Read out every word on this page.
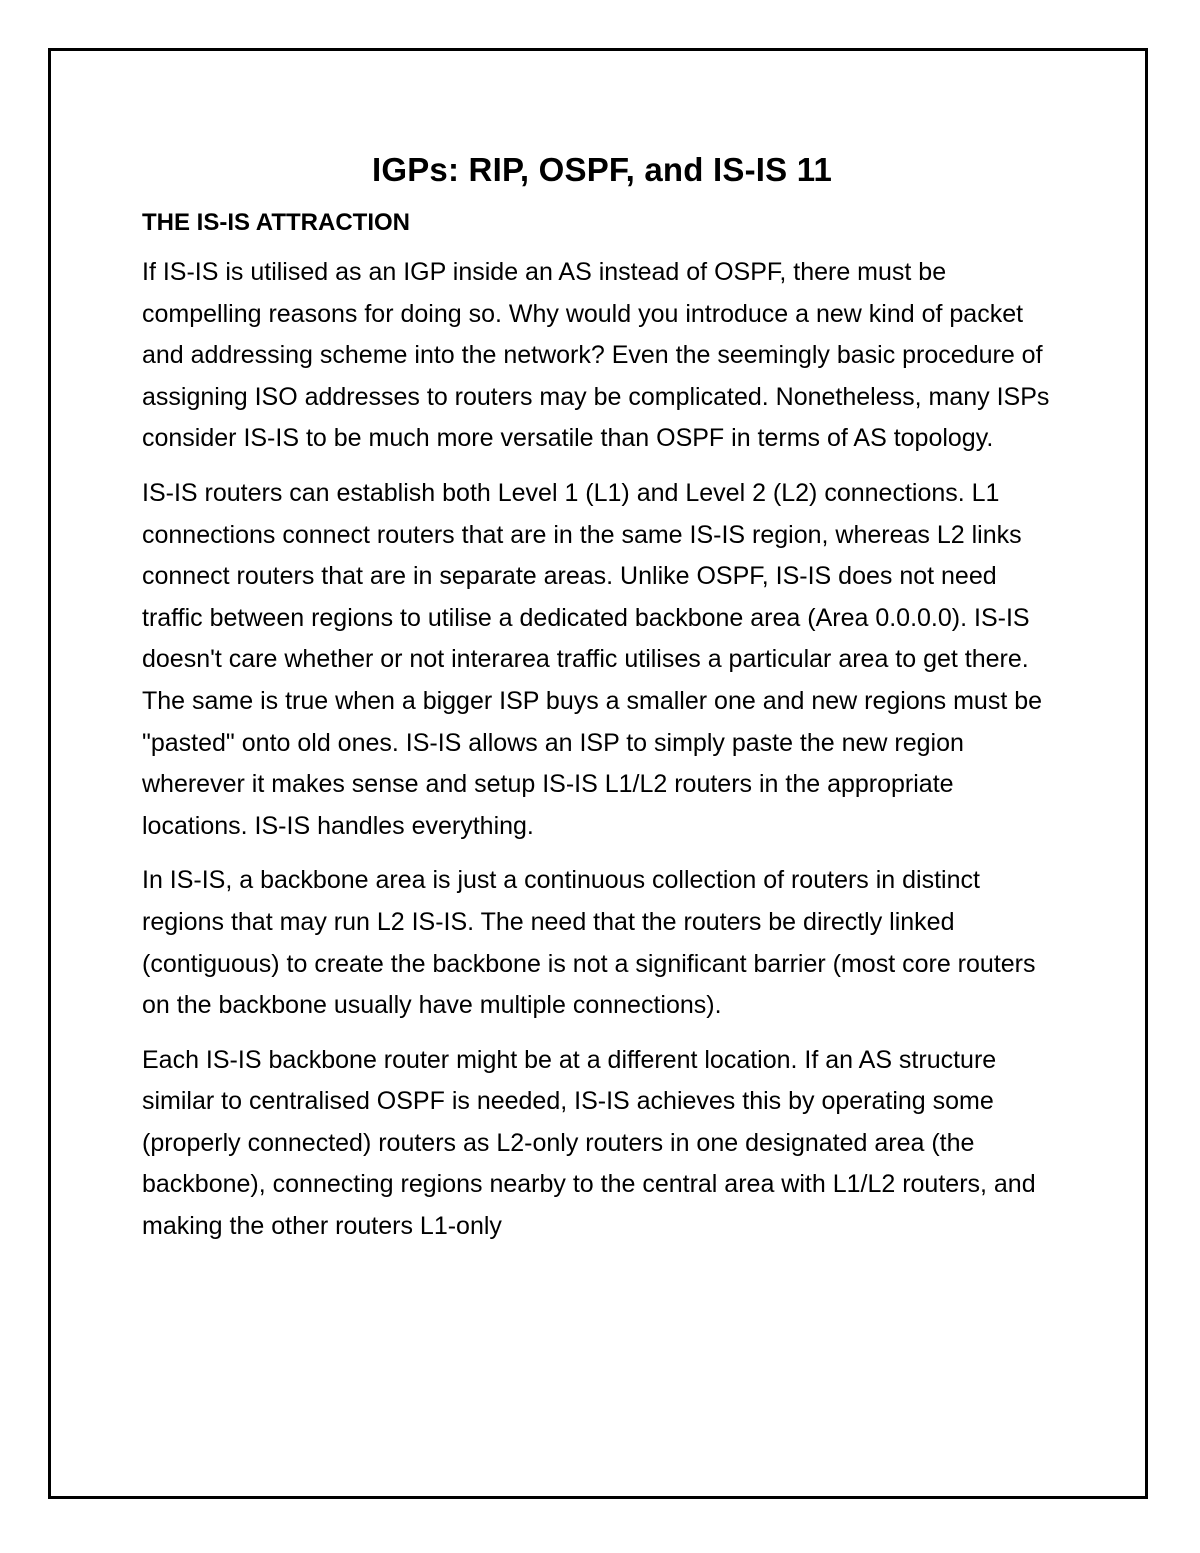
IGPs: RIP, OSPF, and IS-IS 11
THE IS-IS ATTRACTION

If IS-IS is utilised as an IGP inside an AS instead of OSPF, there must be compelling reasons for doing so. Why would you introduce a new kind of packet and addressing scheme into the network? Even the seemingly basic procedure of assigning ISO addresses to routers may be complicated. Nonetheless, many ISPs consider IS-IS to be much more versatile than OSPF in terms of AS topology.

IS-IS routers can establish both Level 1 (L1) and Level 2 (L2) connections. L1 connections connect routers that are in the same IS-IS region, whereas L2 links connect routers that are in separate areas. Unlike OSPF, IS-IS does not need traffic between regions to utilise a dedicated backbone area (Area 0.0.0.0). IS-IS doesn't care whether or not interarea traffic utilises a particular area to get there. The same is true when a bigger ISP buys a smaller one and new regions must be "pasted" onto old ones. IS-IS allows an ISP to simply paste the new region wherever it makes sense and setup IS-IS L1/L2 routers in the appropriate locations. IS-IS handles everything.

In IS-IS, a backbone area is just a continuous collection of routers in distinct regions that may run L2 IS-IS. The need that the routers be directly linked (contiguous) to create the backbone is not a significant barrier (most core routers on the backbone usually have multiple connections).

Each IS-IS backbone router might be at a different location. If an AS structure similar to centralised OSPF is needed, IS-IS achieves this by operating some (properly connected) routers as L2-only routers in one designated area (the backbone), connecting regions nearby to the central area with L1/L2 routers, and making the other routers L1-only
